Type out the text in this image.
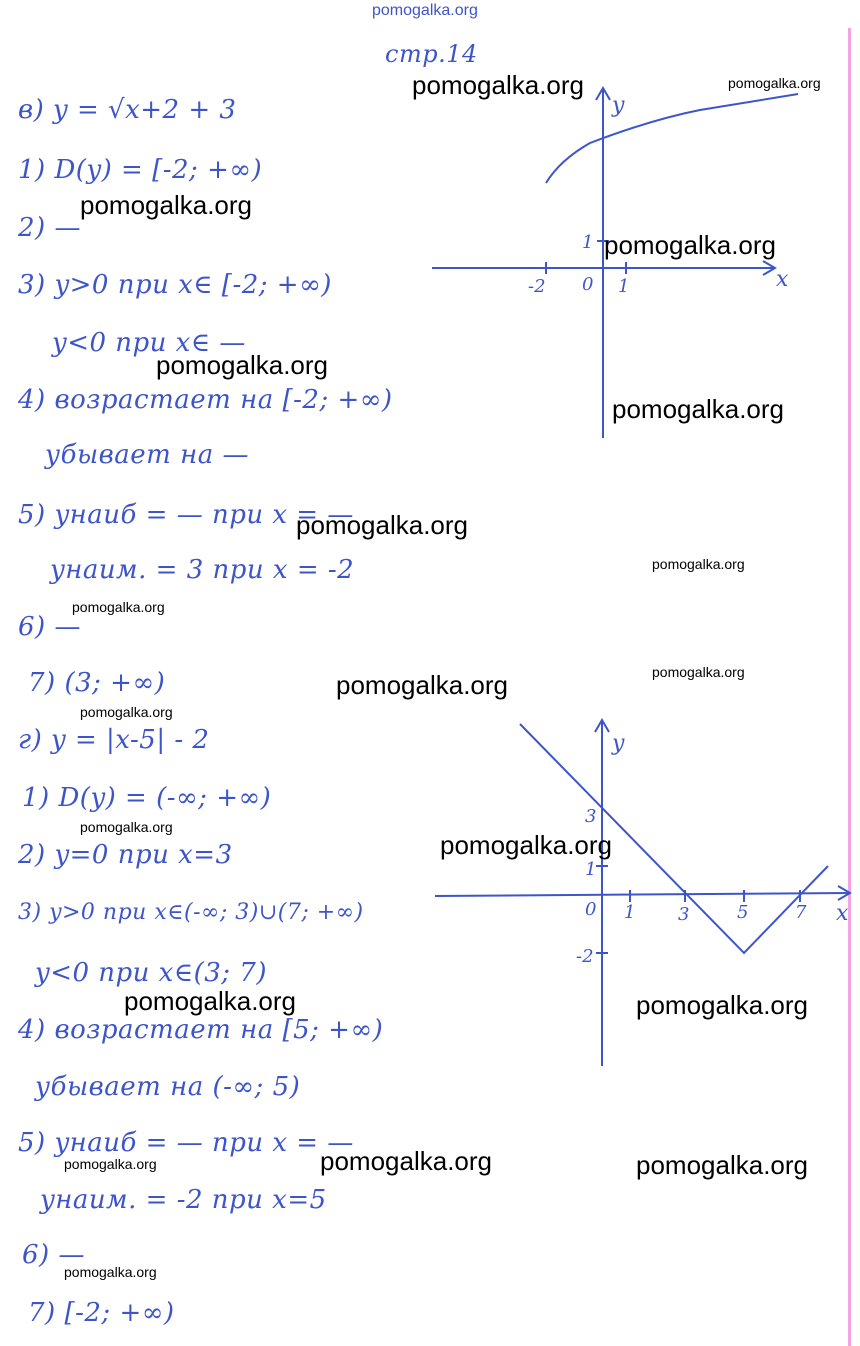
pomogalka.org
стр.14
в) y = √x+2 + 3
1) D(y) = [-2; +∞)
2) —
3) y>0 при x∈ [-2; +∞)
y<0 при x∈ —
4) возрастает на [-2; +∞)
убывает на —
5) yнаиб = — при x = —
yнаим. = 3 при x = -2
6) —
7) (3; +∞)
г) y = |x-5| - 2
1) D(y) = (-∞; +∞)
2) y=0 при x=3
3) y>0 при x∈(-∞; 3)∪(7; +∞)
y<0 при x∈(3; 7)
4) возрастает на [5; +∞)
убывает на (-∞; 5)
5) yнаиб = — при x = —
yнаим. = -2 при x=5
6) —
7) [-2; +∞)
x
y
-2 0 1
1
x
y
0 1 3	5	7
3
1
-2
pomogalka.org	pomogalka.org
pomogalka.org
pomogalka.org
pomogalka.org
pomogalka.org
pomogalka.org
pomogalka.org
pomogalka.org
pomogalka.org
pomogalka.org
pomogalka.org
pomogalka.org
pomogalka.org
pomogalka.org	pomogalka.org
pomogalka.org
pomogalka.org	pomogalka.org
pomogalka.org
